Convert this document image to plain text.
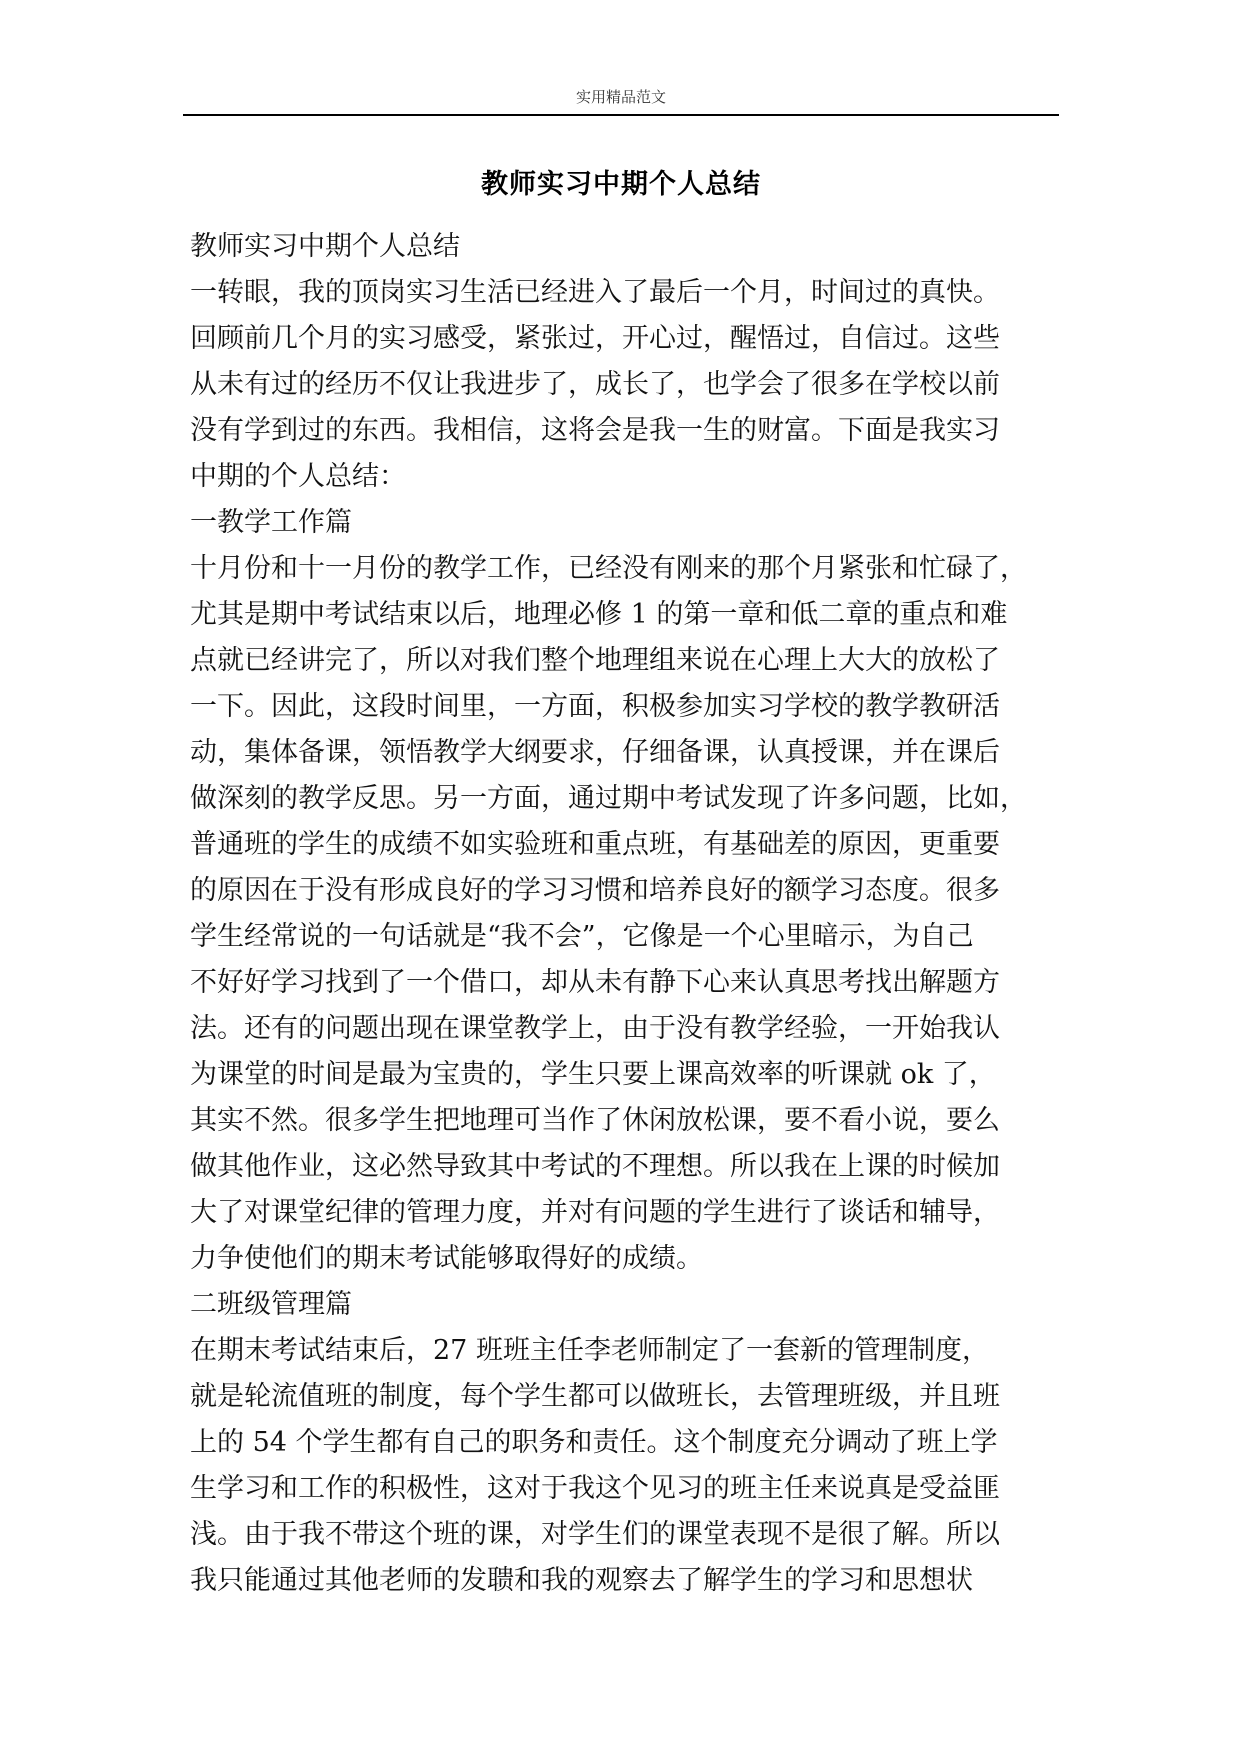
实用精品范文
教师实习中期个人总结
教师实习中期个人总结
一转眼，我的顶岗实习生活已经进入了最后一个月，时间过的真快。
回顾前几个月的实习感受，紧张过，开心过，醒悟过，自信过。这些
从未有过的经历不仅让我进步了，成长了，也学会了很多在学校以前
没有学到过的东西。我相信，这将会是我一生的财富。下面是我实习
中期的个人总结：
一教学工作篇
十月份和十一月份的教学工作，已经没有刚来的那个月紧张和忙碌了，
尤其是期中考试结束以后，地理必修 1 的第一章和低二章的重点和难
点就已经讲完了，所以对我们整个地理组来说在心理上大大的放松了
一下。因此，这段时间里，一方面，积极参加实习学校的教学教研活
动，集体备课，领悟教学大纲要求，仔细备课，认真授课，并在课后
做深刻的教学反思。另一方面，通过期中考试发现了许多问题，比如，
普通班的学生的成绩不如实验班和重点班，有基础差的原因，更重要
的原因在于没有形成良好的学习习惯和培养良好的额学习态度。很多
学生经常说的一句话就是“我不会”，它像是一个心里暗示，为自己
不好好学习找到了一个借口，却从未有静下心来认真思考找出解题方
法。还有的问题出现在课堂教学上，由于没有教学经验，一开始我认
为课堂的时间是最为宝贵的，学生只要上课高效率的听课就 ok 了，
其实不然。很多学生把地理可当作了休闲放松课，要不看小说，要么
做其他作业，这必然导致其中考试的不理想。所以我在上课的时候加
大了对课堂纪律的管理力度，并对有问题的学生进行了谈话和辅导，
力争使他们的期末考试能够取得好的成绩。
二班级管理篇
在期末考试结束后，27 班班主任李老师制定了一套新的管理制度，
就是轮流值班的制度，每个学生都可以做班长，去管理班级，并且班
上的 54 个学生都有自己的职务和责任。这个制度充分调动了班上学
生学习和工作的积极性，这对于我这个见习的班主任来说真是受益匪
浅。由于我不带这个班的课，对学生们的课堂表现不是很了解。所以
我只能通过其他老师的发聩和我的观察去了解学生的学习和思想状
